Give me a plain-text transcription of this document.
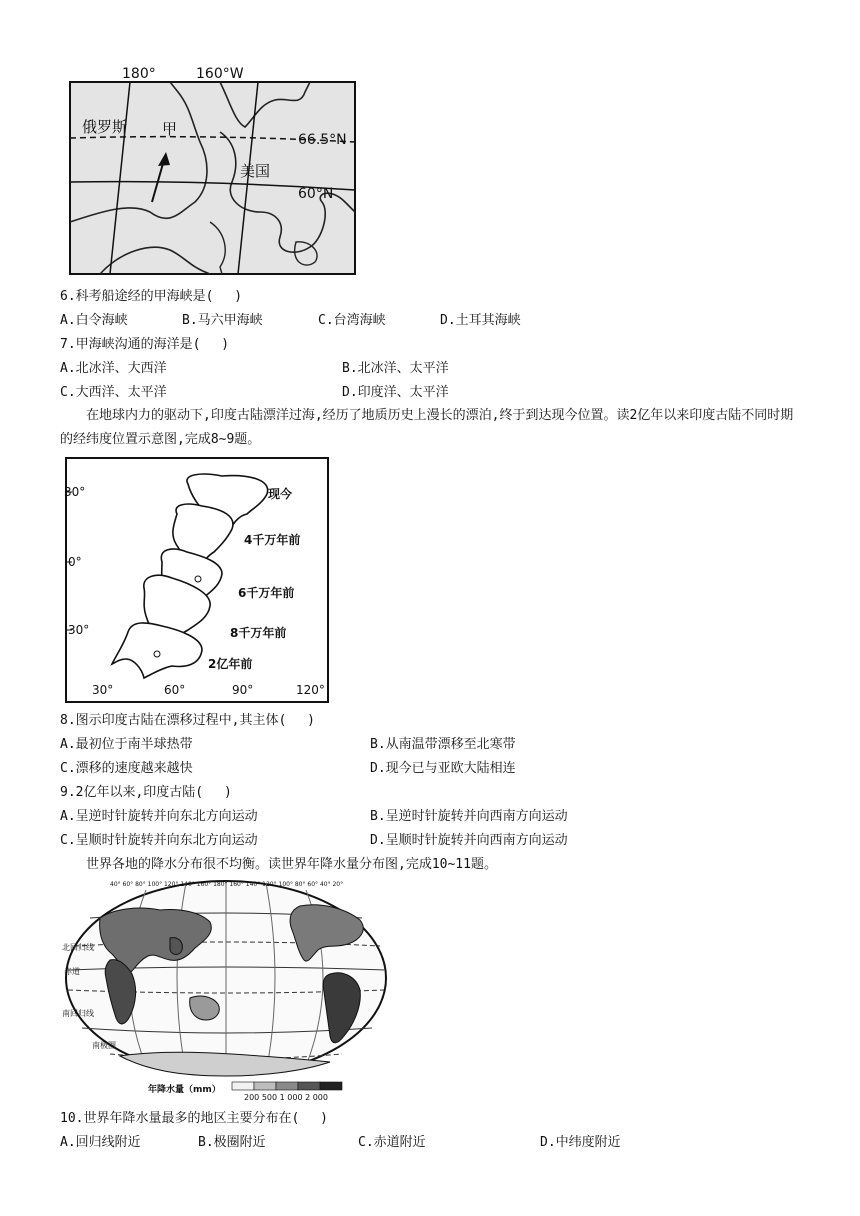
180°	160°W
66.5°N
60°N
俄罗斯 甲
美国
6.科考船途经的甲海峡是(　 )
A.白令海峡	B.马六甲海峡	C.台湾海峡	D.土耳其海峡
7.甲海峡沟通的海洋是(　 )
A.北冰洋、大西洋	B.北冰洋、太平洋
C.大西洋、太平洋	D.印度洋、太平洋
在地球内力的驱动下,印度古陆漂洋过海,经历了地质历史上漫长的漂泊,终于到达现今位置。读2亿年以来印度古陆不同时期的经纬度位置示意图,完成8~9题。
30°
0°
30°
30°	60°	90°	120°
现今
4千万年前
6千万年前
8千万年前
2亿年前
8.图示印度古陆在漂移过程中,其主体(　 )
A.最初位于南半球热带	B.从南温带漂移至北寒带
C.漂移的速度越来越快	D.现今已与亚欧大陆相连
9.2亿年以来,印度古陆(　 )
A.呈逆时针旋转并向东北方向运动	B.呈逆时针旋转并向西南方向运动
C.呈顺时针旋转并向东北方向运动	D.呈顺时针旋转并向西南方向运动
世界各地的降水分布很不均衡。读世界年降水量分布图,完成10~11题。
北回归线
赤道
南回归线
南极圈
40° 60° 80° 100° 120° 140° 160° 180° 160° 140° 120° 100° 80° 60° 40° 20°
年降水量（mm）
200 500 1 000 2 000
10.世界年降水量最多的地区主要分布在(　 )
A.回归线附近	B.极圈附近	C.赤道附近	D.中纬度附近
